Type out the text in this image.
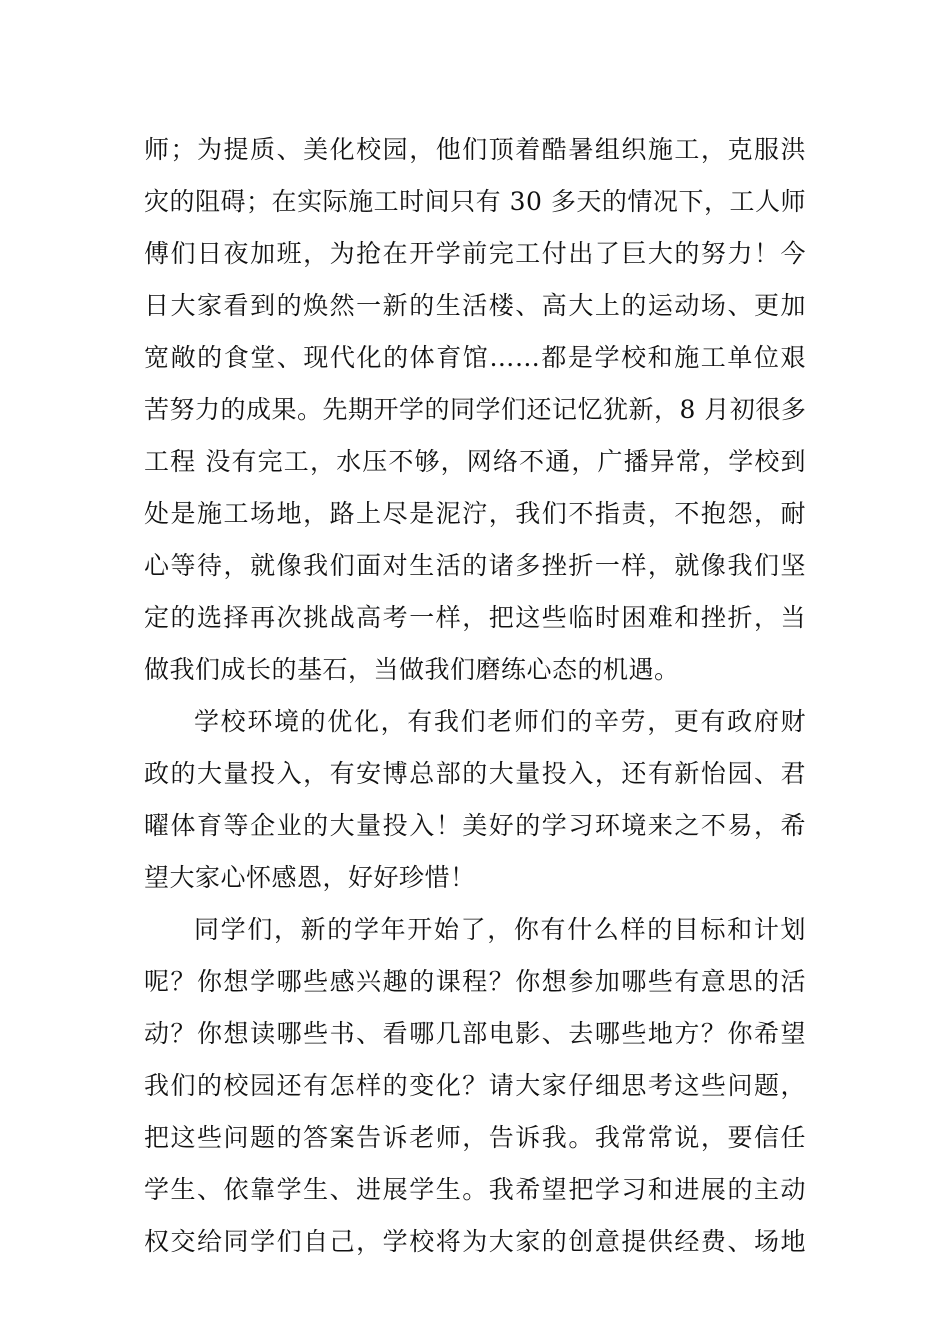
师；为提质、美化校园，他们顶着酷暑组织施工，克服洪
灾的阻碍；在实际施工时间只有 30 多天的情况下，工人师
傅们日夜加班，为抢在开学前完工付出了巨大的努力！今
日大家看到的焕然一新的生活楼、高大上的运动场、更加
宽敞的食堂、现代化的体育馆……都是学校和施工单位艰
苦努力的成果。先期开学的同学们还记忆犹新，8 月初很多
工程 没有完工，水压不够，网络不通，广播异常，学校到
处是施工场地，路上尽是泥泞，我们不指责，不抱怨，耐
心等待，就像我们面对生活的诸多挫折一样，就像我们坚
定的选择再次挑战高考一样，把这些临时困难和挫折，当
做我们成长的基石，当做我们磨练心态的机遇。
学校环境的优化，有我们老师们的辛劳，更有政府财
政的大量投入，有安博总部的大量投入，还有新怡园、君
曜体育等企业的大量投入！美好的学习环境来之不易，希
望大家心怀感恩，好好珍惜！
同学们，新的学年开始了，你有什么样的目标和计划
呢？你想学哪些感兴趣的课程？你想参加哪些有意思的活
动？你想读哪些书、看哪几部电影、去哪些地方？你希望
我们的校园还有怎样的变化？请大家仔细思考这些问题，
把这些问题的答案告诉老师，告诉我。我常常说，要信任
学生、依靠学生、进展学生。我希望把学习和进展的主动
权交给同学们自己，学校将为大家的创意提供经费、场地
